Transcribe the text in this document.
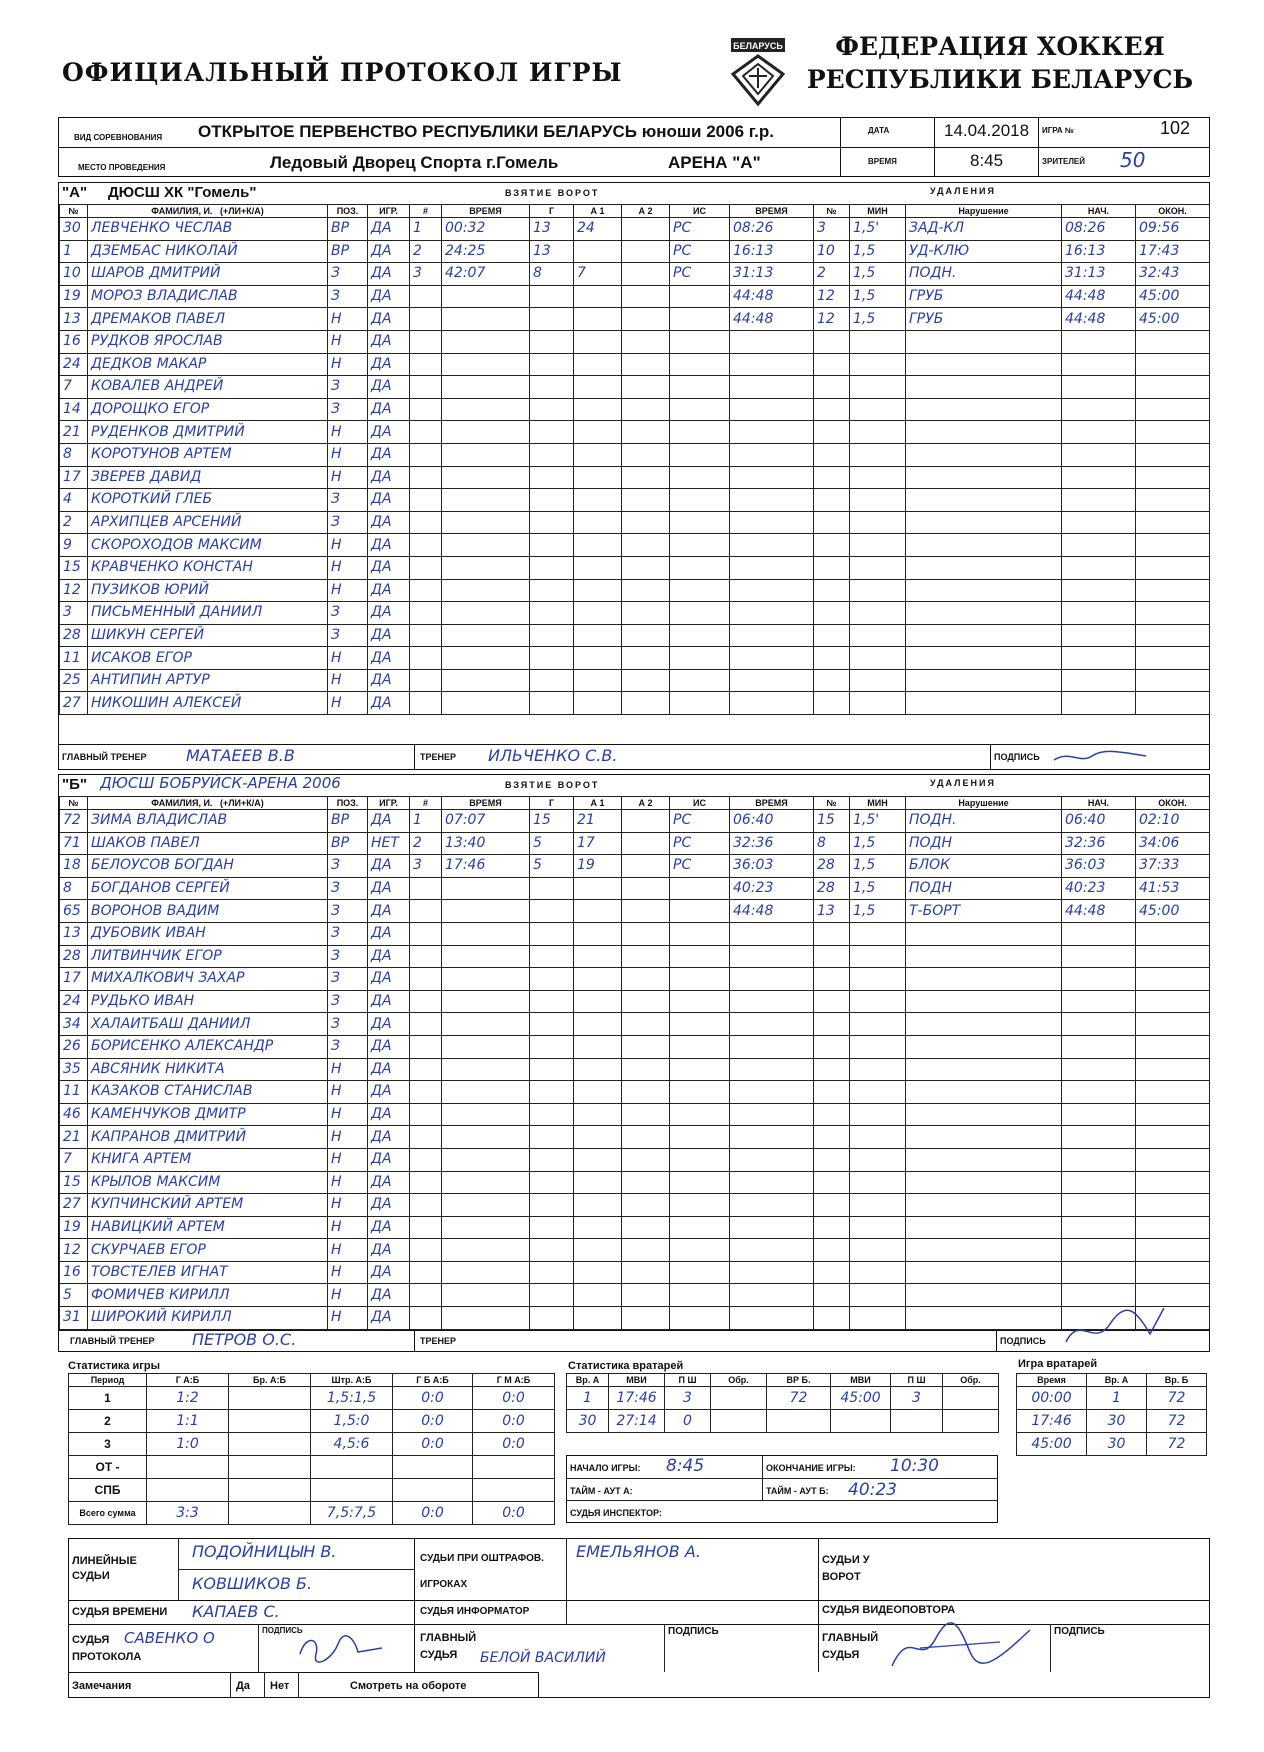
ОФИЦИАЛЬНЫЙ ПРОТОКОЛ ИГРЫ
БЕЛАРУСЬ	ФЕДЕРАЦИЯ ХОККЕЯ
РЕСПУБЛИКИ БЕЛАРУСЬ
ВИД СОРЕВНОВАНИЯ ОТКРЫТОЕ ПЕРВЕНСТВО РЕСПУБЛИКИ БЕЛАРУСЬ юноши 2006 г.р.
МЕСТО ПРОВЕДЕНИЯ	Ледовый Дворец Спорта г.Гомель	АРЕНА "А"
ДАТА	14.04.2018 ИГРА №	102
ВРЕМЯ	8:45	ЗРИТЕЛЕЙ 50
"А" ДЮСШ ХК "Гомель"	ВЗЯТИЕ ВОРОТ	УДАЛЕНИЯ
№	ФАМИЛИЯ, И. (+ЛИ+К/А)	ПОЗ.	ИГР.
30	ЛЕВЧЕНКО ЧЕСЛАВ	ВР	ДА
1	ДЗЕМБАС НИКОЛАЙ	ВР	ДА
10	ШАРОВ ДМИТРИЙ	З	ДА
19	МОРОЗ ВЛАДИСЛАВ	З	ДА
13	ДРЕМАКОВ ПАВЕЛ	Н	ДА
16	РУДКОВ ЯРОСЛАВ	Н	ДА
24	ДЕДКОВ МАКАР	Н	ДА
7	КОВАЛЕВ АНДРЕЙ	З	ДА
14	ДОРОЩКО ЕГОР	З	ДА
21	РУДЕНКОВ ДМИТРИЙ	Н	ДА
8	КОРОТУНОВ АРТЕМ	Н	ДА
17	ЗВЕРЕВ ДАВИД	Н	ДА
4	КОРОТКИЙ ГЛЕБ	З	ДА
2	АРХИПЦЕВ АРСЕНИЙ	З	ДА
9	СКОРОХОДОВ МАКСИМ	Н	ДА
15	КРАВЧЕНКО КОНСТАН	Н	ДА
12	ПУЗИКОВ ЮРИЙ	Н	ДА
3	ПИСЬМЕННЫЙ ДАНИИЛ	З	ДА
28	ШИКУН СЕРГЕЙ	З	ДА
11	ИСАКОВ ЕГОР	Н	ДА
25	АНТИПИН АРТУР	Н	ДА
27	НИКОШИН АЛЕКСЕЙ	Н	ДА
#	ВРЕМЯ	Г	А 1	А 2	ИС
1	00:32	13	24		РС
2	24:25	13			РС
3	42:07	8	7		РС

ВРЕМЯ	№	МИН	Нарушение	НАЧ.	ОКОН.
08:26	3	1,5'	ЗАД-КЛ	08:26	09:56
16:13	10	1,5	УД-КЛЮ	16:13	17:43
31:13	2	1,5	ПОДН.	31:13	32:43
44:48	12	1,5	ГРУБ	44:48	45:00
44:48	12	1,5	ГРУБ	44:48	45:00

ГЛАВНЫЙ ТРЕНЕР МАТАЕЕВ В.В	ТРЕНЕР ИЛЬЧЕНКО С.В.	ПОДПИСЬ
"Б" ДЮСШ БОБРУЙСК-АРЕНА 2006	ВЗЯТИЕ ВОРОТ	УДАЛЕНИЯ
№	ФАМИЛИЯ, И. (+ЛИ+К/А)	ПОЗ.	ИГР.
72	ЗИМА ВЛАДИСЛАВ	ВР	ДА
71	ШАКОВ ПАВЕЛ	ВР	НЕТ
18	БЕЛОУСОВ БОГДАН	З	ДА
8	БОГДАНОВ СЕРГЕЙ	З	ДА
65	ВОРОНОВ ВАДИМ	З	ДА
13	ДУБОВИК ИВАН	З	ДА
28	ЛИТВИНЧИК ЕГОР	З	ДА
17	МИХАЛКОВИЧ ЗАХАР	З	ДА
24	РУДЬКО ИВАН	З	ДА
34	ХАЛАИТБАШ ДАНИИЛ	З	ДА
26	БОРИСЕНКО АЛЕКСАНДР	З	ДА
35	АВСЯНИК НИКИТА	Н	ДА
11	КАЗАКОВ СТАНИСЛАВ	Н	ДА
46	КАМЕНЧУКОВ ДМИТР	Н	ДА
21	КАПРАНОВ ДМИТРИЙ	Н	ДА
7	КНИГА АРТЕМ	Н	ДА
15	КРЫЛОВ МАКСИМ	Н	ДА
27	КУПЧИНСКИЙ АРТЕМ	Н	ДА
19	НАВИЦКИЙ АРТЕМ	Н	ДА
12	СКУРЧАЕВ ЕГОР	Н	ДА
16	ТОВСТЕЛЕВ ИГНАТ	Н	ДА
5	ФОМИЧЕВ КИРИЛЛ	Н	ДА
31	ШИРОКИЙ КИРИЛЛ	Н	ДА
#	ВРЕМЯ	Г	А 1	А 2	ИС
1	07:07	15	21		РС
2	13:40	5	17		РС
3	17:46	5	19		РС

ВРЕМЯ	№	МИН	Нарушение	НАЧ.	ОКОН.
06:40	15	1,5'	ПОДН.	06:40	02:10
32:36	8	1,5	ПОДН	32:36	34:06
36:03	28	1,5	БЛОК	36:03	37:33
40:23	28	1,5	ПОДН	40:23	41:53
44:48	13	1,5	Т-БОРТ	44:48	45:00

ГЛАВНЫЙ ТРЕНЕР ПЕТРОВ О.С.	ТРЕНЕР	ПОДПИСЬ
Статистика игры
Период	Г А:Б	Бр. А:Б	Штр. А:Б	Г Б А:Б	Г М А:Б
1	1:2		1,5:1,5	0:0	0:0
2	1:1		1,5:0	0:0	0:0
3	1:0		4,5:6	0:0	0:0
ОТ -					
СПБ					
Всего сумма	3:3		7,5:7,5	0:0	0:0
Статистика вратарей
Вр. А	МВИ	П Ш	Обр.	ВР Б.	МВИ	П Ш	Обр.
1	17:46	3		72	45:00	3	
30	27:14	0					
НАЧАЛО ИГРЫ: 8:45	ОКОНЧАНИЕ ИГРЫ: 10:30
ТАЙМ - АУТ А:	ТАЙМ - АУТ Б: 40:23
СУДЬЯ ИНСПЕКТОР:
Игра вратарей
Время	Вр. А	Вр. Б
00:00	1	72
17:46	30	72
45:00	30	72
ЛИНЕЙНЫЕ СУДЬИ
ПОДОЙНИЦЫН В.
КОВШИКОВ Б.
СУДЬИ ПРИ ОШТРАФОВ. ИГРОКАХ
ЕМЕЛЬЯНОВ А.	СУДЬИ У ВОРОТ
СУДЬЯ ВРЕМЕНИ КАПАЕВ С.	СУДЬЯ ИНФОРМАТОР	СУДЬЯ ВИДЕОПОВТОРА
СУДЬЯ ПРОТОКОЛА
САВЕНКО О	ПОДПИСЬ
ГЛАВНЫЙ СУДЬЯ	БЕЛОЙ ВАСИЛИЙ
ПОДПИСЬ
ГЛАВНЫЙ СУДЬЯ
ПОДПИСЬ
Замечания	Да Нет	Смотреть на обороте
